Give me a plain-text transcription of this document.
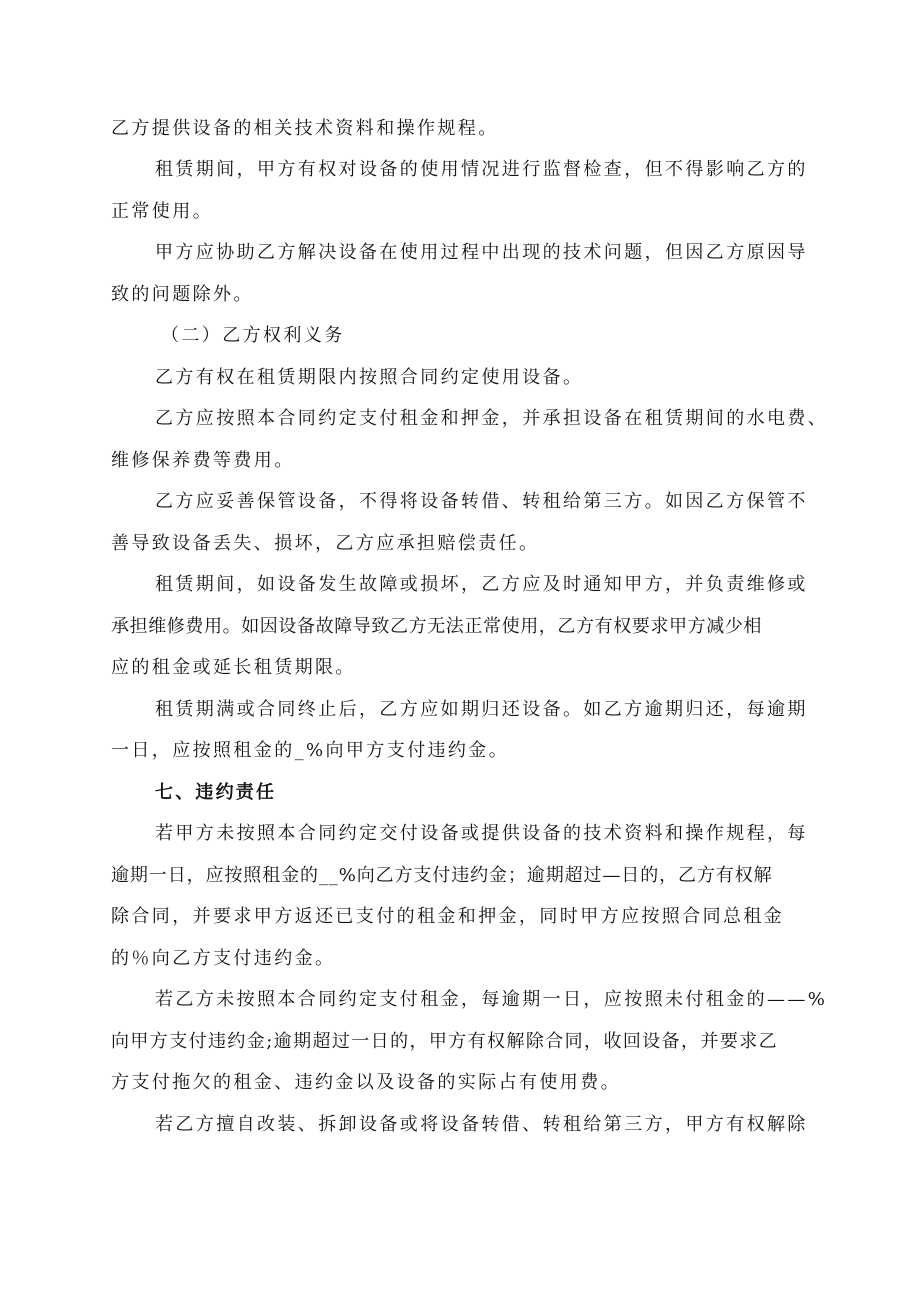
乙方提供设备的相关技术资料和操作规程。
租赁期间，甲方有权对设备的使用情况进行监督检查，但不得影响乙方的
正常使用。
甲方应协助乙方解决设备在使用过程中出现的技术问题，但因乙方原因导
致的问题除外。
（二）乙方权利义务
乙方有权在租赁期限内按照合同约定使用设备。
乙方应按照本合同约定支付租金和押金，并承担设备在租赁期间的水电费、
维修保养费等费用。
乙方应妥善保管设备，不得将设备转借、转租给第三方。如因乙方保管不
善导致设备丢失、损坏，乙方应承担赔偿责任。
租赁期间，如设备发生故障或损坏，乙方应及时通知甲方，并负责维修或
承担维修费用。如因设备故障导致乙方无法正常使用，乙方有权要求甲方减少相
应的租金或延长租赁期限。
租赁期满或合同终止后，乙方应如期归还设备。如乙方逾期归还，每逾期
一日，应按照租金的_%向甲方支付违约金。
七、违约责任
若甲方未按照本合同约定交付设备或提供设备的技术资料和操作规程，每
逾期一日，应按照租金的__%向乙方支付违约金；逾期超过—日的，乙方有权解
除合同，并要求甲方返还已支付的租金和押金，同时甲方应按照合同总租金
的％向乙方支付违约金。
若乙方未按照本合同约定支付租金，每逾期一日，应按照未付租金的——%
向甲方支付违约金;逾期超过一日的，甲方有权解除合同，收回设备，并要求乙
方支付拖欠的租金、违约金以及设备的实际占有使用费。
若乙方擅自改装、拆卸设备或将设备转借、转租给第三方，甲方有权解除
